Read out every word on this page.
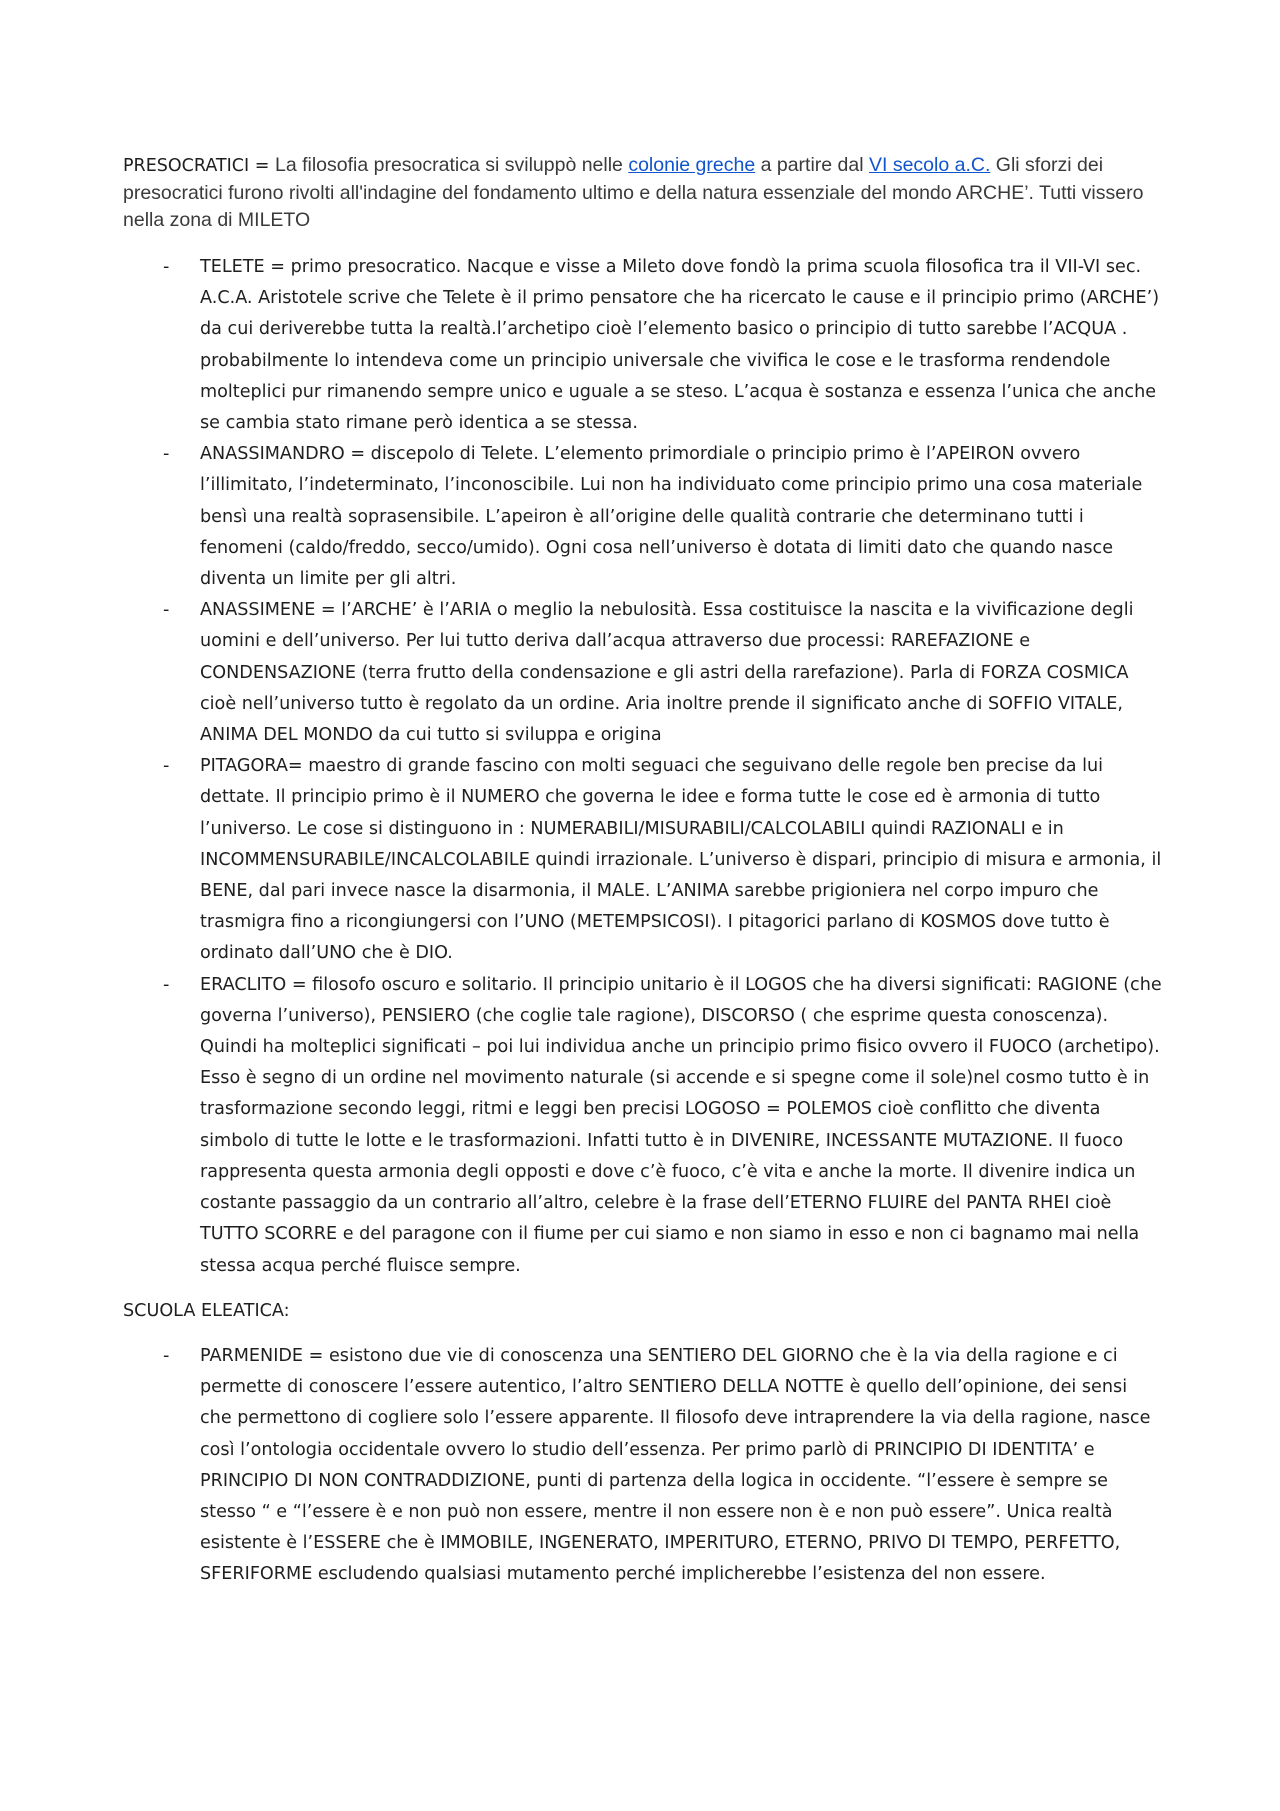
PRESOCRATICI = La filosofia presocratica si sviluppò nelle colonie greche a partire dal VI secolo a.C. Gli sforzi dei presocratici furono rivolti all'indagine del fondamento ultimo e della natura essenziale del mondo ARCHE’. Tutti vissero nella zona di MILETO

- TELETE = primo presocratico. Nacque e visse a Mileto dove fondò la prima scuola filosofica tra il VII-VI sec. A.C.A. Aristotele scrive che Telete è il primo pensatore che ha ricercato le cause e il principio primo (ARCHE’) da cui deriverebbe tutta la realtà.l’archetipo cioè l’elemento basico o principio di tutto sarebbe l’ACQUA . probabilmente lo intendeva come un principio universale che vivifica le cose e le trasforma rendendole molteplici pur rimanendo sempre unico e uguale a se steso. L’acqua è sostanza e essenza l’unica che anche se cambia stato rimane però identica a se stessa.
- ANASSIMANDRO = discepolo di Telete. L’elemento primordiale o principio primo è l’APEIRON ovvero l’illimitato, l’indeterminato, l’inconoscibile. Lui non ha individuato come principio primo una cosa materiale bensì una realtà soprasensibile. L’apeiron è all’origine delle qualità contrarie che determinano tutti i fenomeni (caldo/freddo, secco/umido). Ogni cosa nell’universo è dotata di limiti dato che quando nasce diventa un limite per gli altri.
- ANASSIMENE = l’ARCHE’ è l’ARIA o meglio la nebulosità. Essa costituisce la nascita e la vivificazione degli uomini e dell’universo. Per lui tutto deriva dall’acqua attraverso due processi: RAREFAZIONE e CONDENSAZIONE (terra frutto della condensazione e gli astri della rarefazione). Parla di FORZA COSMICA cioè nell’universo tutto è regolato da un ordine. Aria inoltre prende il significato anche di SOFFIO VITALE, ANIMA DEL MONDO da cui tutto si sviluppa e origina
- PITAGORA= maestro di grande fascino con molti seguaci che seguivano delle regole ben precise da lui dettate. Il principio primo è il NUMERO che governa le idee e forma tutte le cose ed è armonia di tutto l’universo. Le cose si distinguono in : NUMERABILI/MISURABILI/CALCOLABILI quindi RAZIONALI e in INCOMMENSURABILE/INCALCOLABILE quindi irrazionale. L’universo è dispari, principio di misura e armonia, il BENE, dal pari invece nasce la disarmonia, il MALE. L’ANIMA sarebbe prigioniera nel corpo impuro che trasmigra fino a ricongiungersi con l’UNO (METEMPSICOSI). I pitagorici parlano di KOSMOS dove tutto è ordinato dall’UNO che è DIO.
- ERACLITO = filosofo oscuro e solitario. Il principio unitario è il LOGOS che ha diversi significati: RAGIONE (che governa l’universo), PENSIERO (che coglie tale ragione), DISCORSO ( che esprime questa conoscenza). Quindi ha molteplici significati – poi lui individua anche un principio primo fisico ovvero il FUOCO (archetipo). Esso è segno di un ordine nel movimento naturale (si accende e si spegne come il sole)nel cosmo tutto è in trasformazione secondo leggi, ritmi e leggi ben precisi LOGOSO = POLEMOS cioè conflitto che diventa simbolo di tutte le lotte e le trasformazioni. Infatti tutto è in DIVENIRE, INCESSANTE MUTAZIONE. Il fuoco rappresenta questa armonia degli opposti e dove c’è fuoco, c’è vita e anche la morte. Il divenire indica un costante passaggio da un contrario all’altro, celebre è la frase dell’ETERNO FLUIRE del PANTA RHEI cioè TUTTO SCORRE e del paragone con il fiume per cui siamo e non siamo in esso e non ci bagnamo mai nella stessa acqua perché fluisce sempre.

SCUOLA ELEATICA:

- PARMENIDE = esistono due vie di conoscenza una SENTIERO DEL GIORNO che è la via della ragione e ci permette di conoscere l’essere autentico, l’altro SENTIERO DELLA NOTTE è quello dell’opinione, dei sensi che permettono di cogliere solo l’essere apparente. Il filosofo deve intraprendere la via della ragione, nasce così l’ontologia occidentale ovvero lo studio dell’essenza. Per primo parlò di PRINCIPIO DI IDENTITA’ e PRINCIPIO DI NON CONTRADDIZIONE, punti di partenza della logica in occidente. “l’essere è sempre se stesso “ e “l’essere è e non può non essere, mentre il non essere non è e non può essere”. Unica realtà esistente è l’ESSERE che è IMMOBILE, INGENERATO, IMPERITURO, ETERNO, PRIVO DI TEMPO, PERFETTO, SFERIFORME escludendo qualsiasi mutamento perché implicherebbe l’esistenza del non essere.
